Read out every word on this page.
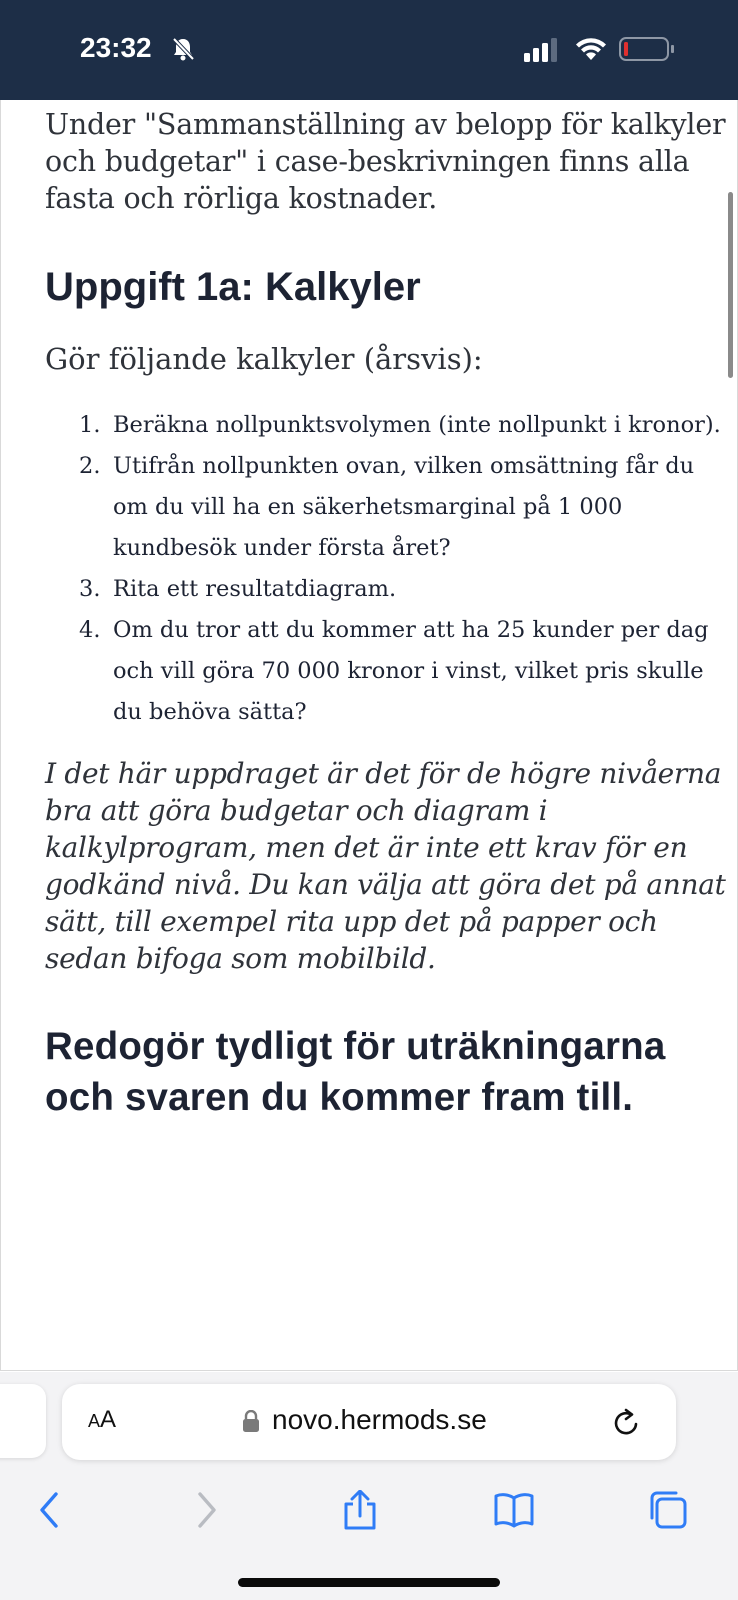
23:32

Under "Sammanställning av belopp för kalkyler och budgetar" i case-beskrivningen finns alla fasta och rörliga kostnader.

Uppgift 1a: Kalkyler

Gör följande kalkyler (årsvis):

1. Beräkna nollpunktsvolymen (inte nollpunkt i kronor).
2. Utifrån nollpunkten ovan, vilken omsättning får du om du vill ha en säkerhetsmarginal på 1 000 kundbesök under första året?
3. Rita ett resultatdiagram.
4. Om du tror att du kommer att ha 25 kunder per dag och vill göra 70 000 kronor i vinst, vilket pris skulle du behöva sätta?

I det här uppdraget är det för de högre nivåerna bra att göra budgetar och diagram i kalkylprogram, men det är inte ett krav för en godkänd nivå. Du kan välja att göra det på annat sätt, till exempel rita upp det på papper och sedan bifoga som mobilbild.

Redogör tydligt för uträkningarna och svaren du kommer fram till.
AA	novo.hermods.se
